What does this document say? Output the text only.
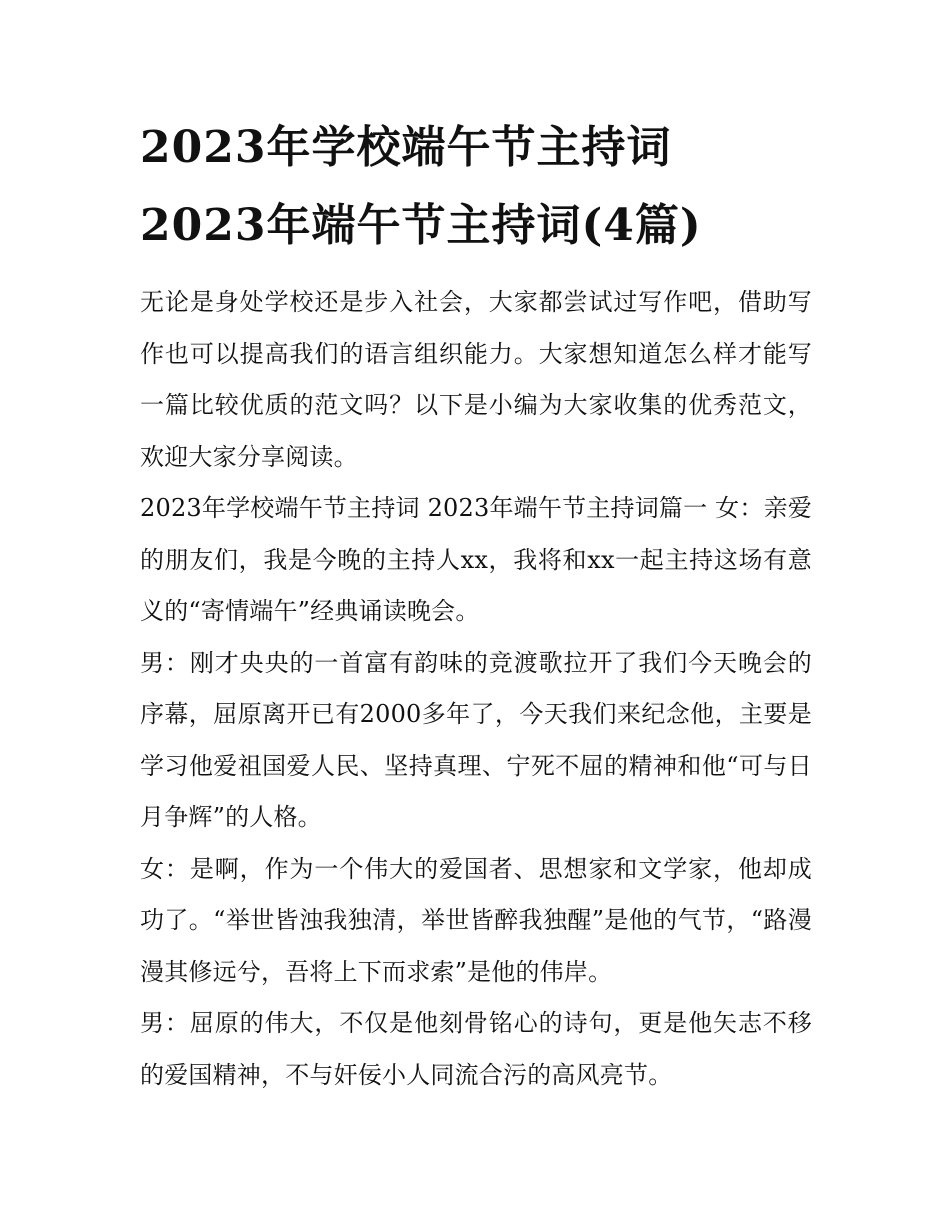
2023年学校端午节主持词
2023年端午节主持词(4篇)

无论是身处学校还是步入社会，大家都尝试过写作吧，借助写作也可以提高我们的语言组织能力。大家想知道怎么样才能写一篇比较优质的范文吗？以下是小编为大家收集的优秀范文，欢迎大家分享阅读。

2023年学校端午节主持词 2023年端午节主持词篇一 女：亲爱的朋友们，我是今晚的主持人xx，我将和xx一起主持这场有意义的“寄情端午”经典诵读晚会。

男：刚才央央的一首富有韵味的竞渡歌拉开了我们今天晚会的序幕，屈原离开已有2000多年了，今天我们来纪念他，主要是学习他爱祖国爱人民、坚持真理、宁死不屈的精神和他“可与日月争辉”的人格。

女：是啊，作为一个伟大的爱国者、思想家和文学家，他却成功了。“举世皆浊我独清，举世皆醉我独醒”是他的气节，“路漫漫其修远兮，吾将上下而求索”是他的伟岸。

男：屈原的伟大，不仅是他刻骨铭心的诗句，更是他矢志不移的爱国精神，不与奸佞小人同流合污的高风亮节。
